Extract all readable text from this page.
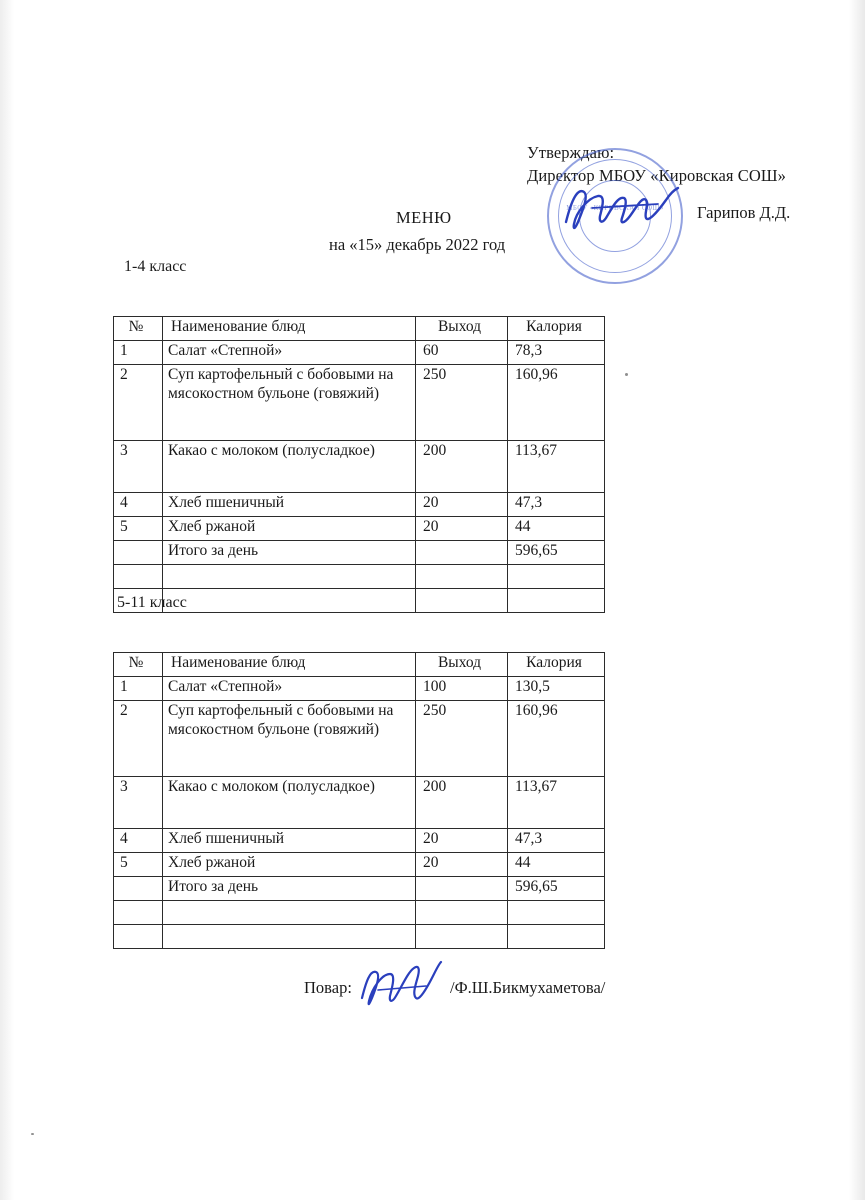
Утверждаю:
Директор МБОУ «Кировская СОШ»
Гарипов Д.Д.
МБОУ «КИРОВСКАЯ СОШ»
МЕНЮ
на «15» декабрь 2022 год
1-4 класс
№	Наименование блюд	Выход	Калория
1	Салат «Степной»	60	78,3
2	Суп картофельный с бобовыми на мясокостном бульоне (говяжий)	250	160,96
3	Какао с молоком (полусладкое)	200	113,67
4	Хлеб пшеничный	20	47,3
5	Хлеб ржаной	20	44
	Итого за день		596,65

5-11 класс
№	Наименование блюд	Выход	Калория
1	Салат «Степной»	100	130,5
2	Суп картофельный с бобовыми на мясокостном бульоне (говяжий)	250	160,96
3	Какао с молоком (полусладкое)	200	113,67
4	Хлеб пшеничный	20	47,3
5	Хлеб ржаной	20	44
	Итого за день		596,65

Повар:	/Ф.Ш.Бикмухаметова/
